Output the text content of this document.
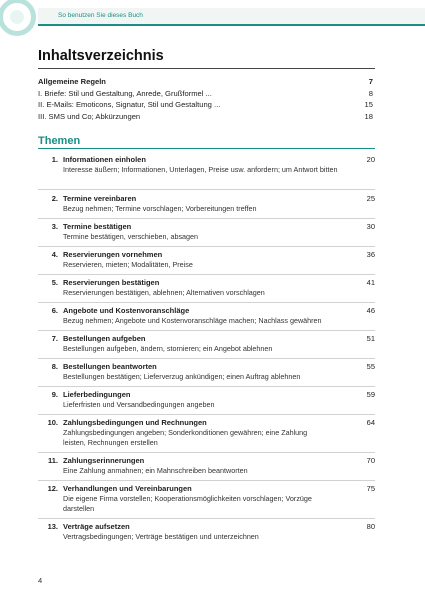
So benutzen Sie dieses Buch
Inhaltsverzeichnis
Allgemeine Regeln	7
I. Briefe: Stil und Gestaltung, Anrede, Grußformel ...	8
II. E-Mails: Emoticons, Signatur, Stil und Gestaltung ...	15
III. SMS und Co; Abkürzungen	18
Themen
1. Informationen einholen	20
Interesse äußern; Informationen, Unterlagen, Preise usw. anfordern; um Antwort bitten
2. Termine vereinbaren	25
Bezug nehmen; Termine vorschlagen; Vorbereitungen treffen
3. Termine bestätigen	30
Termine bestätigen, verschieben, absagen
4. Reservierungen vornehmen	36
Reservieren, mieten; Modalitäten, Preise
5. Reservierungen bestätigen	41
Reservierungen bestätigen, ablehnen; Alternativen vorschlagen
6. Angebote und Kostenvoranschläge	46
Bezug nehmen; Angebote und Kostenvoranschläge machen; Nachlass gewähren
7. Bestellungen aufgeben	51
Bestellungen aufgeben, ändern, stornieren; ein Angebot ablehnen
8. Bestellungen beantworten	55
Bestellungen bestätigen; Lieferverzug ankündigen; einen Auftrag ablehnen
9. Lieferbedingungen	59
Lieferfristen und Versandbedingungen angeben
10. Zahlungsbedingungen und Rechnungen	64
Zahlungsbedingungen angeben; Sonderkonditionen gewähren; eine Zahlung leisten, Rechnungen erstellen
11. Zahlungserinnerungen	70
Eine Zahlung anmahnen; ein Mahnschreiben beantworten
12. Verhandlungen und Vereinbarungen	75
Die eigene Firma vorstellen; Kooperationsmöglichkeiten vorschlagen; Vorzüge darstellen
13. Verträge aufsetzen	80
Vertragsbedingungen; Verträge bestätigen und unterzeichnen
4
